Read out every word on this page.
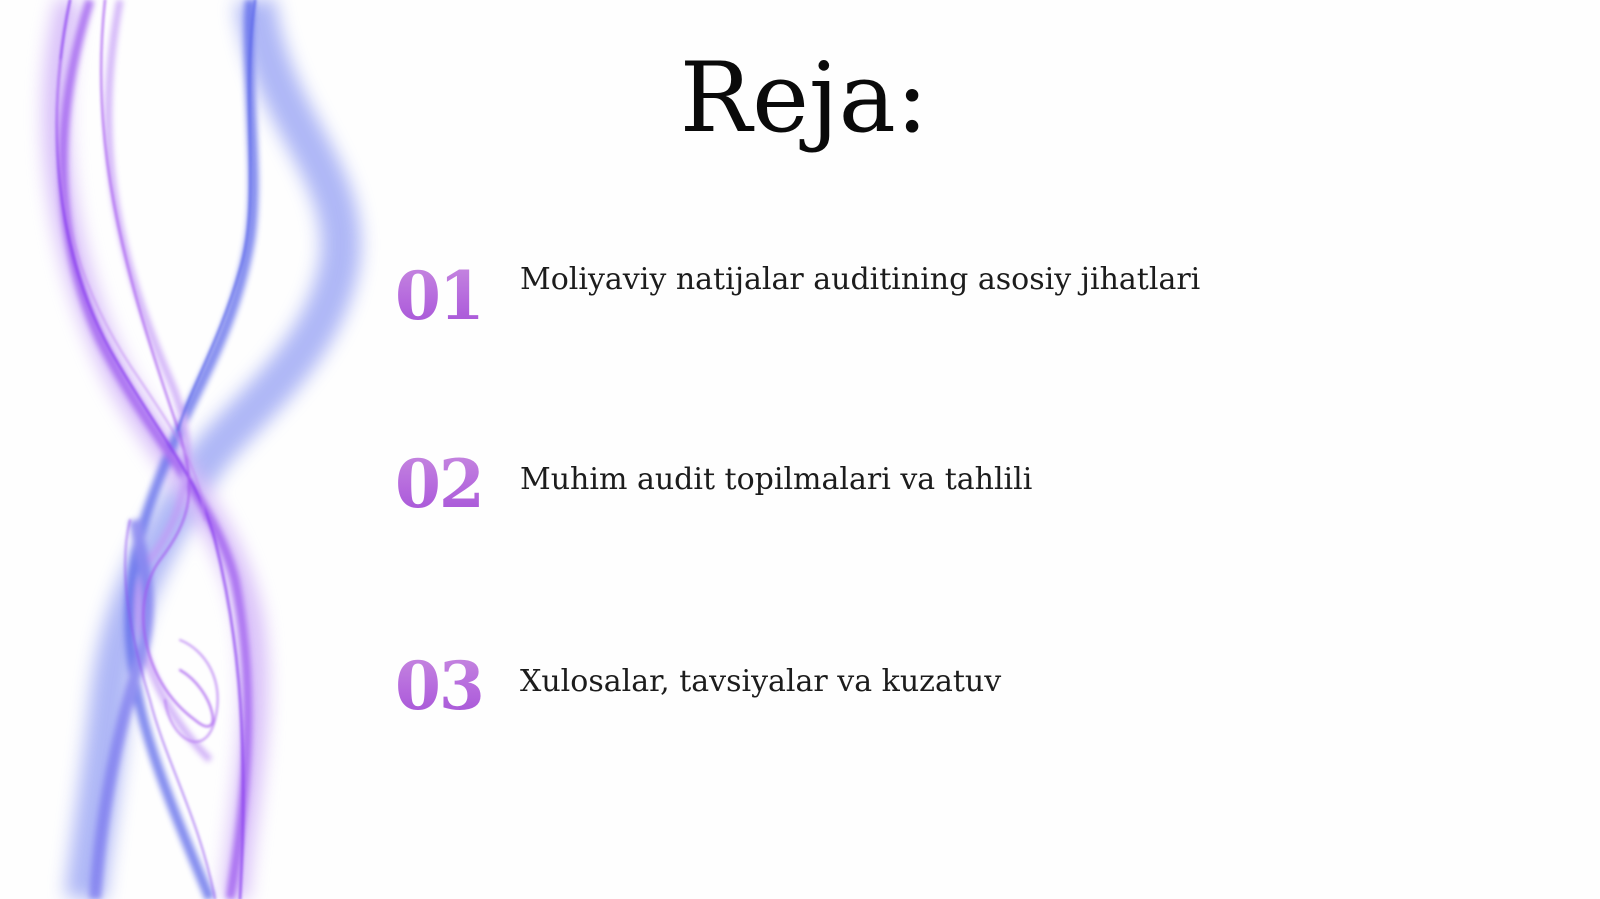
Reja:
01 Moliyaviy natijalar auditining asosiy jihatlari
02 Muhim audit topilmalari va tahlili
03 Xulosalar, tavsiyalar va kuzatuv
